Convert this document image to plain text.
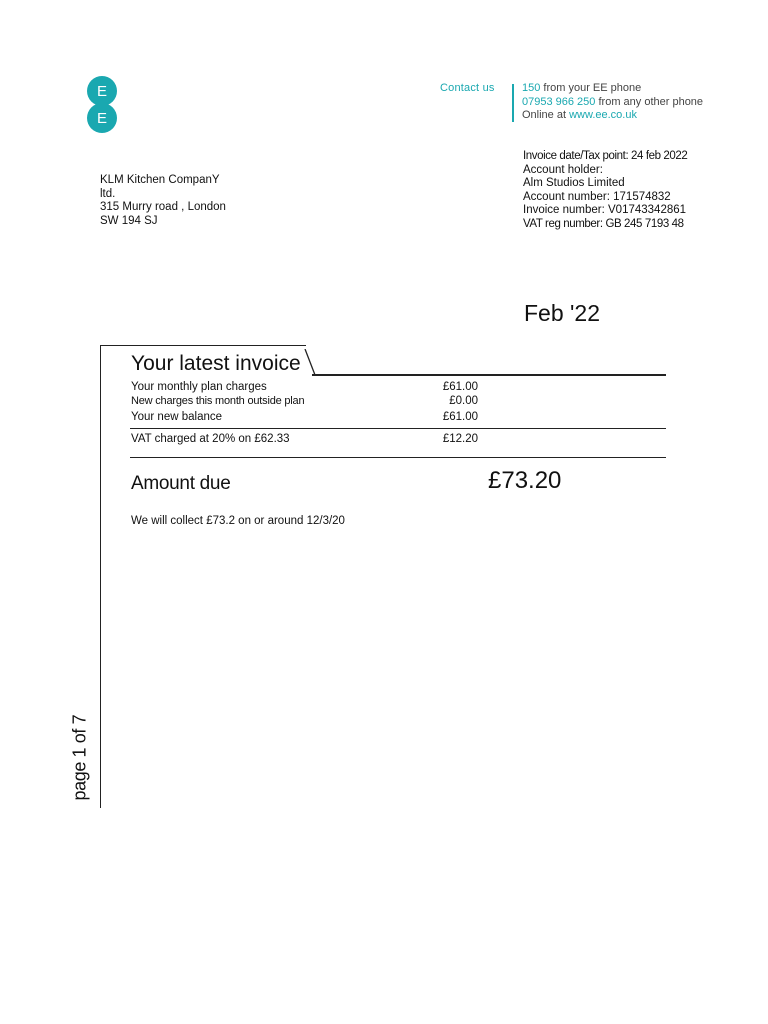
E
E
Contact us 150 from your EE phone
07953 966 250 from any other phone
Online at www.ee.co.uk
KLM Kitchen CompanY
ltd.
315 Murry road , London
SW 194 SJ
Invoice date/Tax point: 24 feb 2022
Account holder:
Alm Studios Limited
Account number: 171574832
Invoice number: V01743342861
VAT reg number: GB 245 7193 48
Feb '22
Your latest invoice
Your monthly plan charges	£61.00
New charges this month outside plan	£0.00
Your new balance	£61.00
VAT charged at 20% on £62.33	£12.20
Amount due	£73.20
We will collect £73.2 on or around 12/3/20
page 1 of 7
